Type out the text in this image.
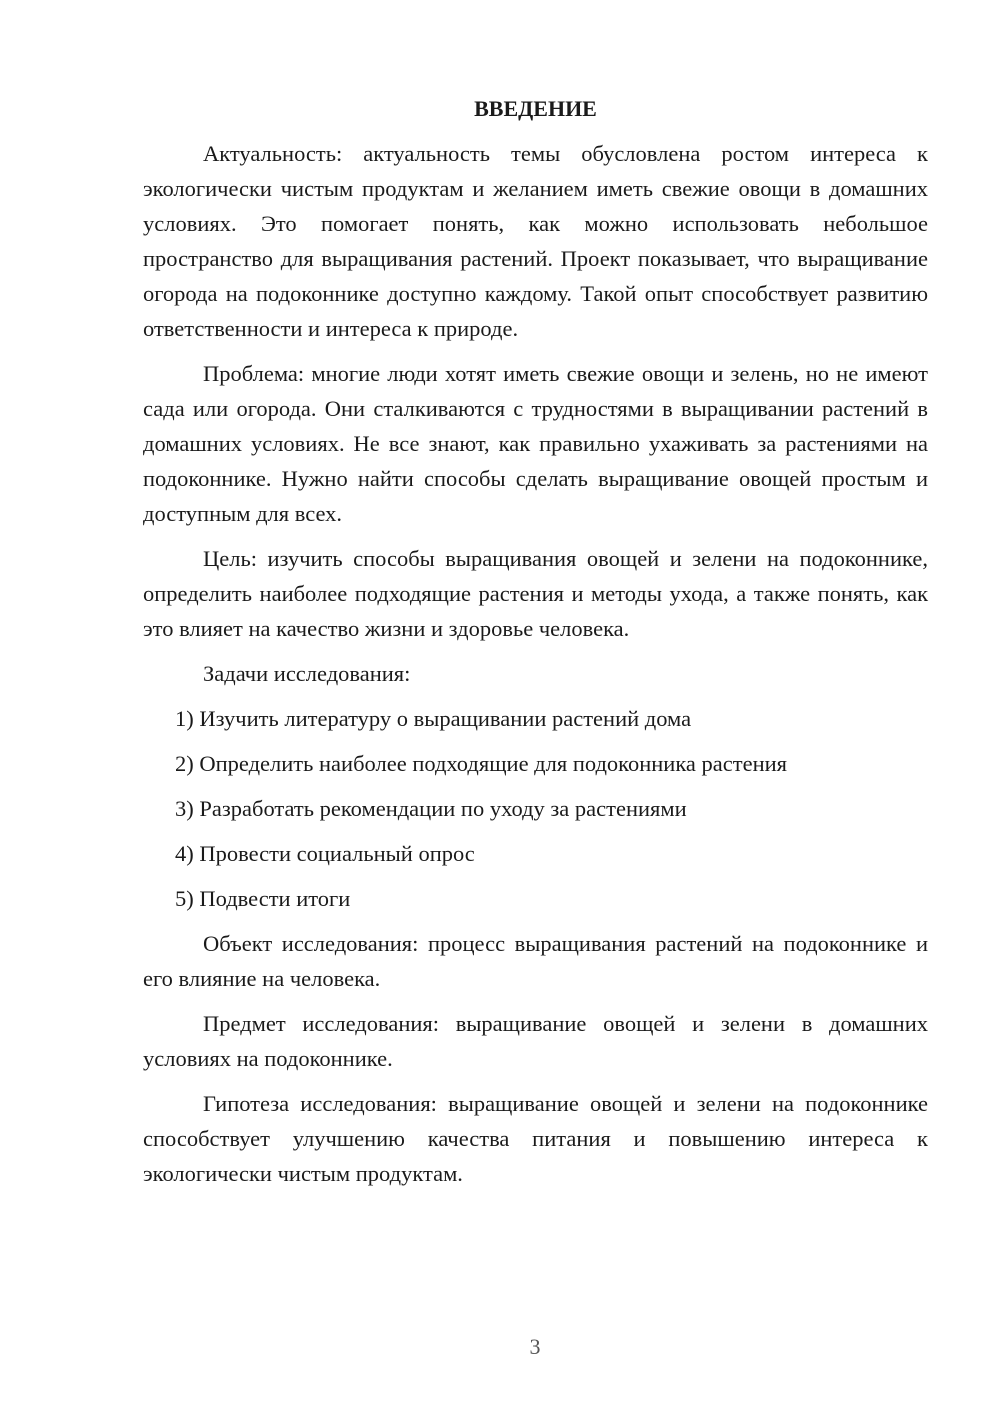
ВВЕДЕНИЕ

Актуальность: актуальность темы обусловлена ростом интереса к экологически чистым продуктам и желанием иметь свежие овощи в домашних условиях. Это помогает понять, как можно использовать небольшое пространство для выращивания растений. Проект показывает, что выращивание огорода на подоконнике доступно каждому. Такой опыт способствует развитию ответственности и интереса к природе.

Проблема: многие люди хотят иметь свежие овощи и зелень, но не имеют сада или огорода. Они сталкиваются с трудностями в выращивании растений в домашних условиях. Не все знают, как правильно ухаживать за растениями на подоконнике. Нужно найти способы сделать выращивание овощей простым и доступным для всех.

Цель: изучить способы выращивания овощей и зелени на подоконнике, определить наиболее подходящие растения и методы ухода, а также понять, как это влияет на качество жизни и здоровье человека.

Задачи исследования:

1) Изучить литературу о выращивании растений дома

2) Определить наиболее подходящие для подоконника растения

3) Разработать рекомендации по уходу за растениями

4) Провести социальный опрос

5) Подвести итоги

Объект исследования: процесс выращивания растений на подоконнике и его влияние на человека.

Предмет исследования: выращивание овощей и зелени в домашних условиях на подоконнике.

Гипотеза исследования: выращивание овощей и зелени на подоконнике способствует улучшению качества питания и повышению интереса к экологически чистым продуктам.

3
